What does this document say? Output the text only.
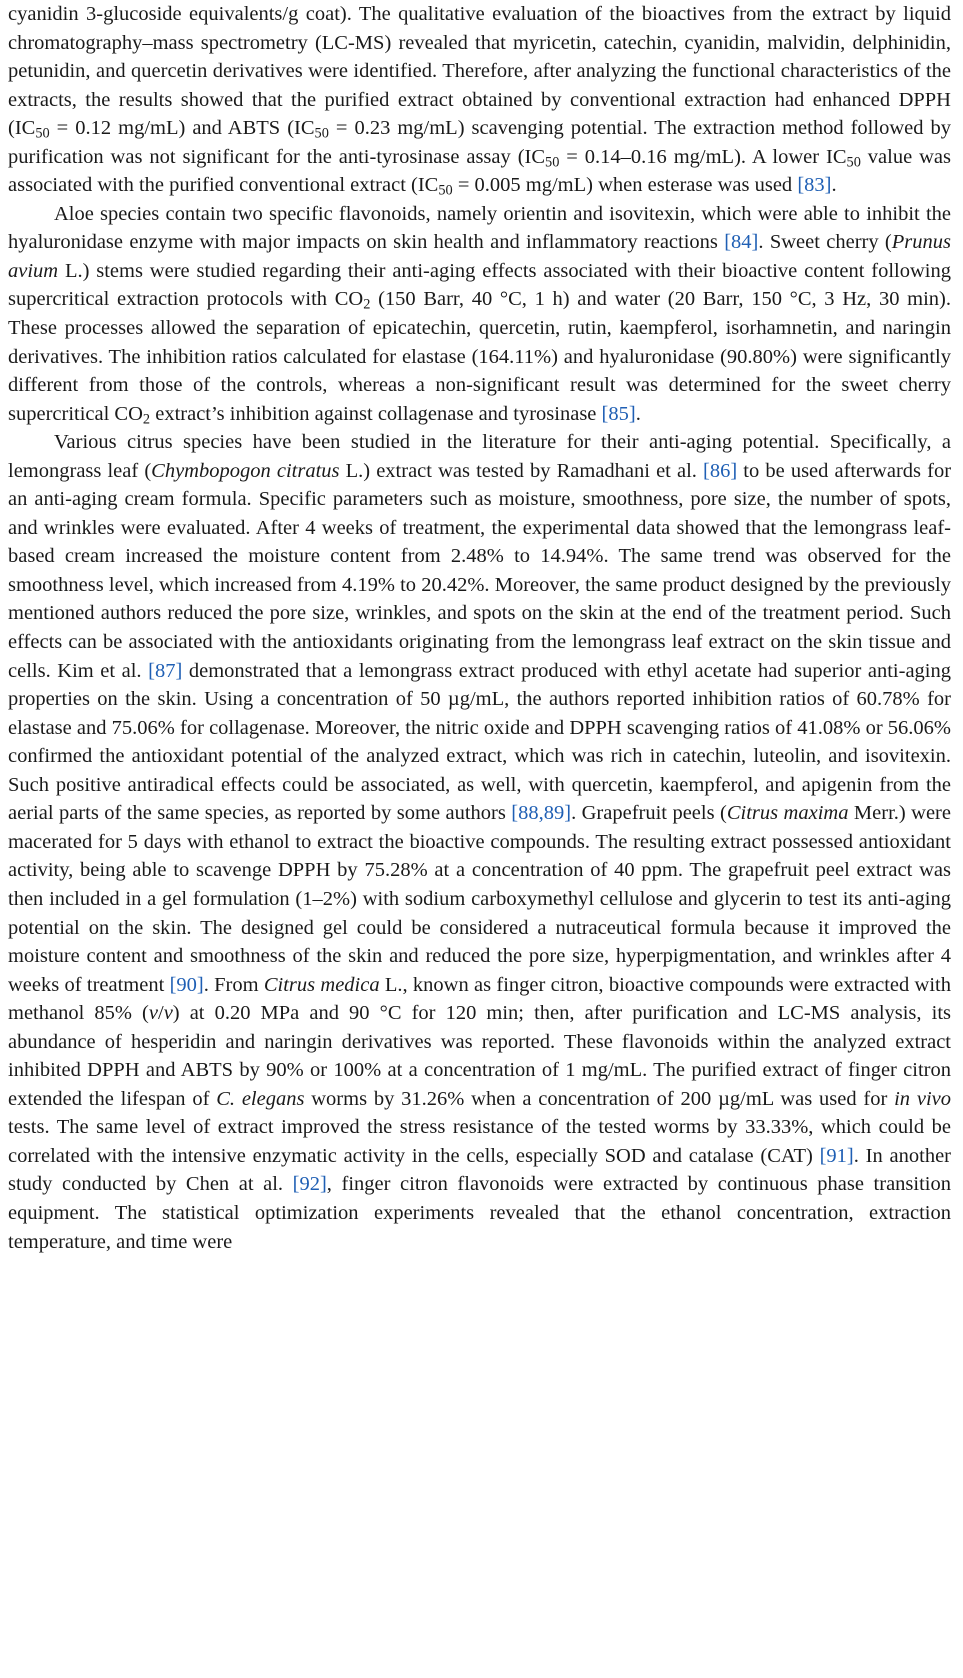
cyanidin 3-glucoside equivalents/g coat). The qualitative evaluation of the bioactives from the extract by liquid chromatography–mass spectrometry (LC-MS) revealed that myricetin, catechin, cyanidin, malvidin, delphinidin, petunidin, and quercetin derivatives were identified. Therefore, after analyzing the functional characteristics of the extracts, the results showed that the purified extract obtained by conventional extraction had enhanced DPPH ($IC_{50} = 0.12$ mg/mL) and ABTS ($IC_{50} = 0.23$ mg/mL) scavenging potential. The extraction method followed by purification was not significant for the anti-tyrosinase assay ($IC_{50} = 0.14-0.16$ mg/mL). A lower $IC_{50}$ value was associated with the purified conventional extract ($IC_{50} = 0.005$ mg/mL) when esterase was used [83].

Aloe species contain two specific flavonoids, namely orientin and isovitexin, which were able to inhibit the hyaluronidase enzyme with major impacts on skin health and inflammatory reactions [84]. Sweet cherry (Prunus avium L.) stems were studied regarding their anti-aging effects associated with their bioactive content following supercritical extraction protocols with $CO_2$ (150 Barr, 40 °C, 1 h) and water (20 Barr, 150 °C, 3 Hz, 30 min). These processes allowed the separation of epicatechin, quercetin, rutin, kaempferol, isorhamnetin, and naringin derivatives. The inhibition ratios calculated for elastase (164.11%) and hyaluronidase (90.80%) were significantly different from those of the controls, whereas a non-significant result was determined for the sweet cherry supercritical $CO_2$ extract’s inhibition against collagenase and tyrosinase [85].

Various citrus species have been studied in the literature for their anti-aging potential. Specifically, a lemongrass leaf (Chymbopogon citratus L.) extract was tested by Ramadhani et al. [86] to be used afterwards for an anti-aging cream formula. Specific parameters such as moisture, smoothness, pore size, the number of spots, and wrinkles were evaluated. After 4 weeks of treatment, the experimental data showed that the lemongrass leaf-based cream increased the moisture content from 2.48% to 14.94%. The same trend was observed for the smoothness level, which increased from 4.19% to 20.42%. Moreover, the same product designed by the previously mentioned authors reduced the pore size, wrinkles, and spots on the skin at the end of the treatment period. Such effects can be associated with the antioxidants originating from the lemongrass leaf extract on the skin tissue and cells. Kim et al. [87] demonstrated that a lemongrass extract produced with ethyl acetate had superior anti-aging properties on the skin. Using a concentration of 50 µg/mL, the authors reported inhibition ratios of 60.78% for elastase and 75.06% for collagenase. Moreover, the nitric oxide and DPPH scavenging ratios of 41.08% or 56.06% confirmed the antioxidant potential of the analyzed extract, which was rich in catechin, luteolin, and isovitexin. Such positive antiradical effects could be associated, as well, with quercetin, kaempferol, and apigenin from the aerial parts of the same species, as reported by some authors [88,89]. Grapefruit peels (Citrus maxima Merr.) were macerated for 5 days with ethanol to extract the bioactive compounds. The resulting extract possessed antioxidant activity, being able to scavenge DPPH by 75.28% at a concentration of 40 ppm. The grapefruit peel extract was then included in a gel formulation (1–2%) with sodium carboxymethyl cellulose and glycerin to test its anti-aging potential on the skin. The designed gel could be considered a nutraceutical formula because it improved the moisture content and smoothness of the skin and reduced the pore size, hyperpigmentation, and wrinkles after 4 weeks of treatment [90]. From Citrus medica L., known as finger citron, bioactive compounds were extracted with methanol 85% (v/v) at 0.20 MPa and 90 °C for 120 min; then, after purification and LC-MS analysis, its abundance of hesperidin and naringin derivatives was reported. These flavonoids within the analyzed extract inhibited DPPH and ABTS by 90% or 100% at a concentration of 1 mg/mL. The purified extract of finger citron extended the lifespan of C. elegans worms by 31.26% when a concentration of 200 µg/mL was used for in vivo tests. The same level of extract improved the stress resistance of the tested worms by 33.33%, which could be correlated with the intensive enzymatic activity in the cells, especially SOD and catalase (CAT) [91]. In another study conducted by Chen at al. [92], finger citron flavonoids were extracted by continuous phase transition equipment. The statistical optimization experiments revealed that the ethanol concentration, extraction temperature, and time were
